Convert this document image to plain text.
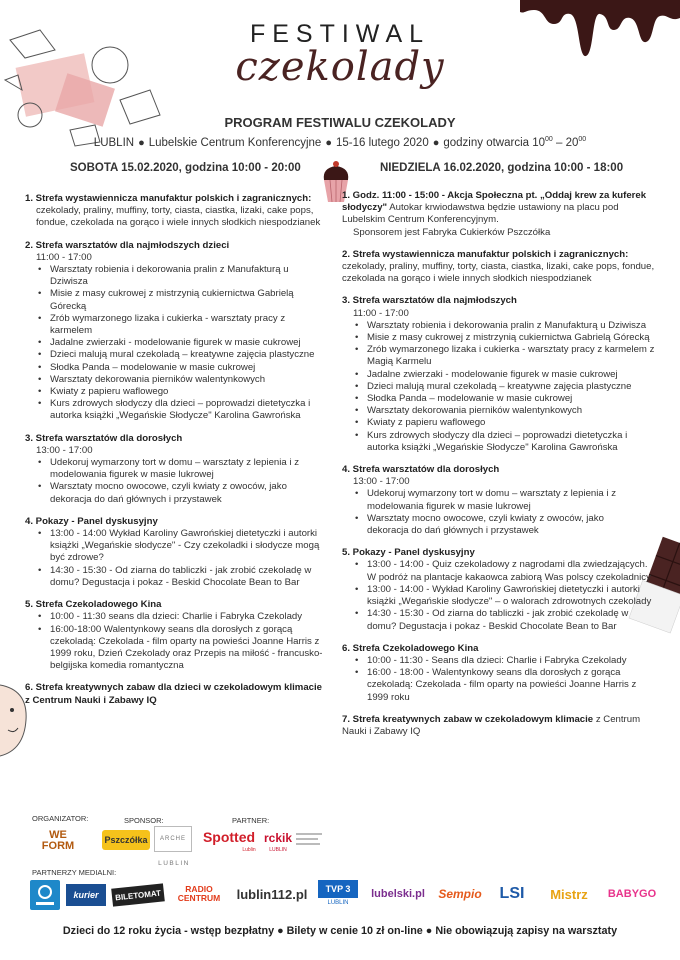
FESTIWAL
czekolady
PROGRAM FESTIWALU CZEKOLADY
LUBLIN ● Lubelskie Centrum Konferencyjne ● 15-16 lutego 2020 ● godziny otwarcia $10^{00} - 20^{00}$
SOBOTA 15.02.2020, godzina 10:00 - 20:00	NIEDZIELA 16.02.2020, godzina 10:00 - 18:00
1. Strefa wystawiennicza manufaktur polskich i zagranicznych:
czekolady, praliny, muffiny, torty, ciasta, ciastka, lizaki, cake pops, fondue, czekolada na gorąco i wiele innych słodkich niespodzianek
2. Strefa warsztatów dla najmłodszych dzieci
11:00 - 17:00
• Warsztaty robienia i dekorowania pralin z Manufakturą u Dziwisza
• Misie z masy cukrowej z mistrzynią cukiernictwa Gabrielą Górecką
• Zrób wymarzonego lizaka i cukierka - warsztaty pracy z karmelem
• Jadalne zwierzaki - modelowanie figurek w masie cukrowej
• Dzieci malują mural czekoladą – kreatywne zajęcia plastyczne
• Słodka Panda – modelowanie w masie cukrowej
• Warsztaty dekorowania pierników walentynkowych
• Kwiaty z papieru waflowego
• Kurs zdrowych słodyczy dla dzieci – poprowadzi dietetyczka i autorka książki „Wegańskie Słodycze" Karolina Gawrońska
3. Strefa warsztatów dla dorosłych
13:00 - 17:00
• Udekoruj wymarzony tort w domu – warsztaty z lepienia i z modelowania figurek w masie lukrowej
• Warsztaty mocno owocowe, czyli kwiaty z owoców, jako dekoracja do dań głównych i przystawek
4. Pokazy - Panel dyskusyjny
• 13:00 - 14:00 Wykład Karoliny Gawrońskiej dietetyczki i autorki książki „Wegańskie słodycze" - Czy czekoladki i słodycze mogą być zdrowe?
• 14:30 - 15:30 - Od ziarna do tabliczki - jak zrobić czekoladę w domu? Degustacja i pokaz - Beskid Chocolate Bean to Bar
5. Strefa Czekoladowego Kina
• 10:00 - 11:30 seans dla dzieci: Charlie i Fabryka Czekolady
• 16:00-18:00 Walentynkowy seans dla dorosłych z gorącą czekoladą: Czekolada - film oparty na powieści Joanne Harris z 1999 roku, Dzień Czekolady oraz Przepis na miłość - francusko-belgijska komedia romantyczna
6. Strefa kreatywnych zabaw dla dzieci w czekoladowym klimacie z Centrum Nauki i Zabawy IQ
1. Godz. 11:00 - 15:00 - Akcja Społeczna pt. „Oddaj krew za kuferek słodyczy" Autokar krwiodawstwa będzie ustawiony na placu pod Lubelskim Centrum Konferencyjnym.
Sponsorem jest Fabryka Cukierków Pszczółka
2. Strefa wystawiennicza manufaktur polskich i zagranicznych:
czekolady, praliny, muffiny, torty, ciasta, ciastka, lizaki, cake pops, fondue, czekolada na gorąco i wiele innych słodkich niespodzianek
3. Strefa warsztatów dla najmłodszych
11:00 - 17:00
• Warsztaty robienia i dekorowania pralin z Manufakturą u Dziwisza
• Misie z masy cukrowej z mistrzynią cukiernictwa Gabrielą Górecką
• Zrób wymarzonego lizaka i cukierka - warsztaty pracy z karmelem z Magią Karmelu
• Jadalne zwierzaki - modelowanie figurek w masie cukrowej
• Dzieci malują mural czekoladą – kreatywne zajęcia plastyczne
• Słodka Panda – modelowanie w masie cukrowej
• Warsztaty dekorowania pierników walentynkowych
• Kwiaty z papieru waflowego
• Kurs zdrowych słodyczy dla dzieci – poprowadzi dietetyczka i autorka książki „Wegańskie Słodycze" Karolina Gawrońska
4. Strefa warsztatów dla dorosłych
13:00 - 17:00
• Udekoruj wymarzony tort w domu – warsztaty z lepienia i z modelowania figurek w masie lukrowej
• Warsztaty mocno owocowe, czyli kwiaty z owoców, jako dekoracja do dań głównych i przystawek
5. Pokazy - Panel dyskusyjny
• 13:00 - 14:00 - Quiz czekoladowy z nagrodami dla zwiedzających. W podróż na plantacje kakaowca zabiorą Was polscy czekoladnicy
• 13:00 - 14:00 - Wykład Karoliny Gawrońskiej dietetyczki i autorki książki „Wegańskie słodycze" – o walorach zdrowotnych czekolady
• 14:30 - 15:30 - Od ziarna do tabliczki - jak zrobić czekoladę w domu? Degustacja i pokaz - Beskid Chocolate Bean to Bar
6. Strefa Czekoladowego Kina
• 10:00 - 11:30 - Seans dla dzieci: Charlie i Fabryka Czekolady
• 16:00 - 18:00 - Walentynkowy seans dla dorosłych z gorąca czekoladą: Czekolada - film oparty na powieści Joanne Harris z 1999 roku
7. Strefa kreatywnych zabaw w czekoladowym klimacie z Centrum Nauki i Zabawy IQ
ORGANIZATOR:	SPONSOR:	PARTNER:
PARTNERZY MEDIALNI:
WE FORM	Pszczółka	ARCHE
LUBLIN
Spotted
Lublin
rckik
LUBLIN
kurier	BILETOMAT	RADIO CENTRUM	lublin112.pl	TVP 3
LUBLIN
lubelski.pl	Sempio	LSI	Mistrz	BABYGO
Dzieci do 12 roku życia - wstęp bezpłatny ● Bilety w cenie 10 zł on-line ● Nie obowiązują zapisy na warsztaty
